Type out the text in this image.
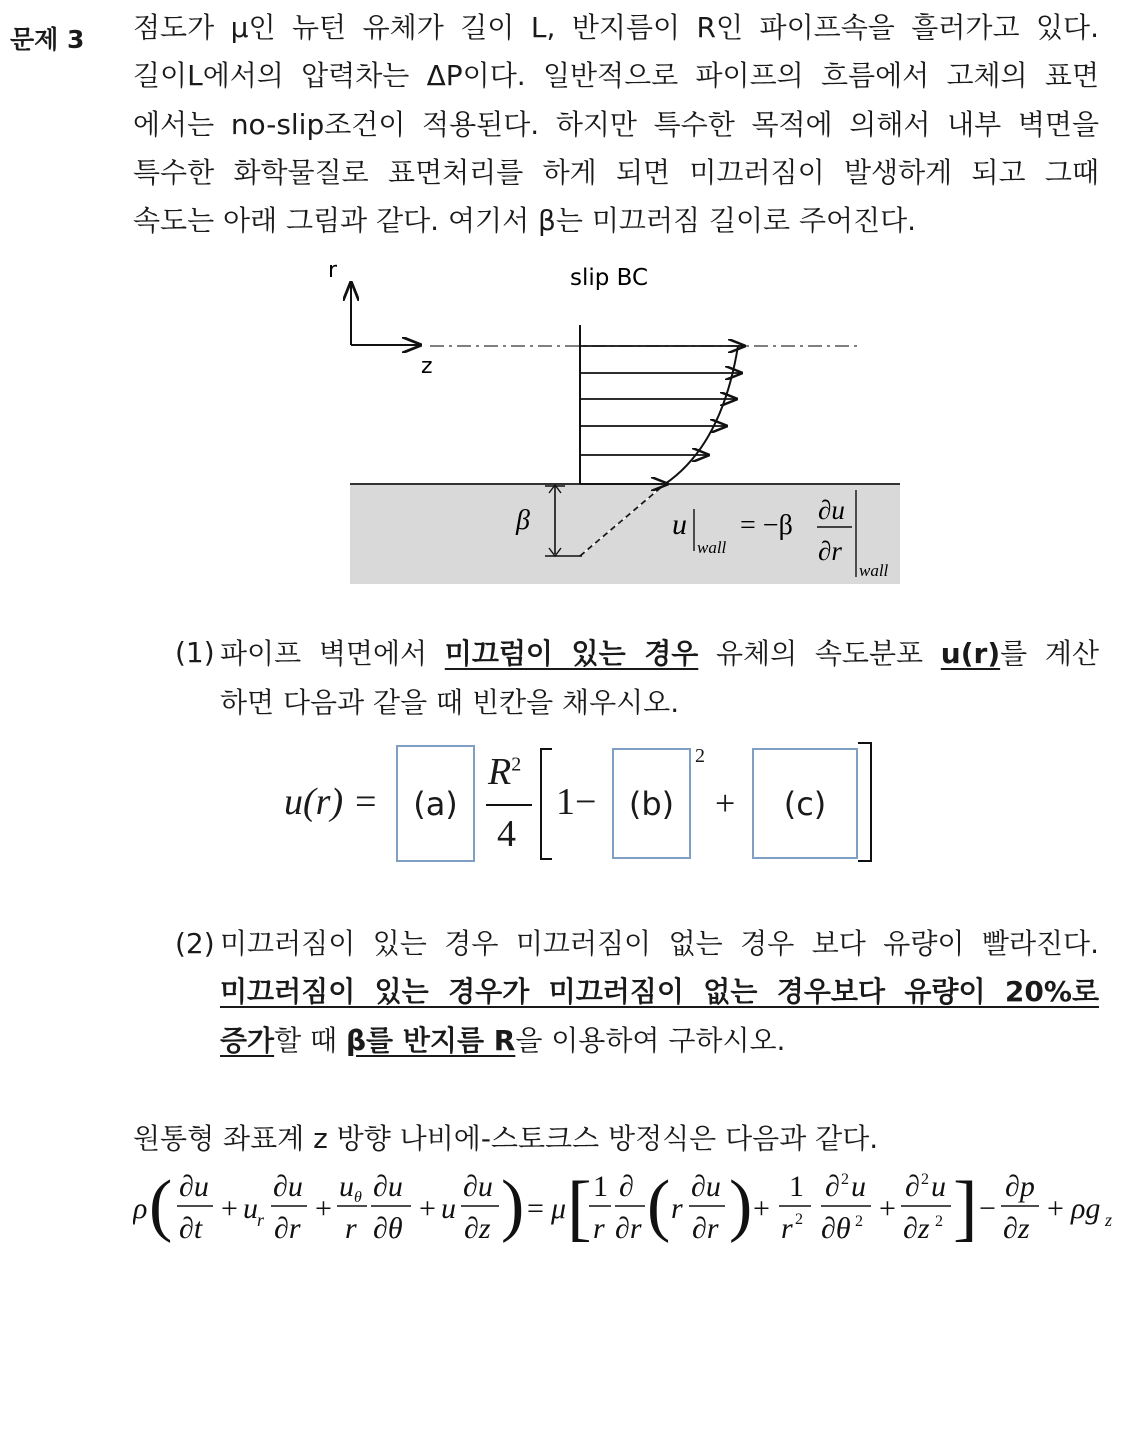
문제 3 점도가 μ인 뉴턴 유체가 길이 L, 반지름이 R인 파이프속을 흘러가고 있다.
길이L에서의 압력차는 ΔP이다. 일반적으로 파이프의 흐름에서 고체의 표면
에서는 no-slip조건이 적용된다. 하지만 특수한 목적에 의해서 내부 벽면을
특수한 화학물질로 표면처리를 하게 되면 미끄러짐이 발생하게 되고 그때
속도는 아래 그림과 같다. 여기서 β는 미끄러짐 길이로 주어진다.
r
z
slip BC
β	u
wall
= −β ∂u
∂r
wall
(1) 파이프 벽면에서 미끄럼이 있는 경우 유체의 속도분포 u(r)를 계산
하면 다음과 같을 때 빈칸을 채우시오.
u(r) =	(a)
$R^2$
4
1−	(b)
2
+	(c)
(2) 미끄러짐이 있는 경우 미끄러짐이 없는 경우 보다 유량이 빨라진다.
미끄러짐이 있는 경우가 미끄러짐이 없는 경우보다 유량이 20%로
증가할 때 β를 반지름 R을 이용하여 구하시오.
원통형 좌표계 z 방향 나비에-스토크스 방정식은 다음과 같다.
ρ ( ∂u
∂t
+ u r
∂u
∂r
+
u θ
r
∂u
∂θ
+ u
∂u
∂z ) = μ [ 1
r
∂
∂r ( r
∂u
∂r ) +
1
r 2
∂ 2 u
∂θ 2 +
∂ 2 u
∂z 2 ] −
∂p
∂z
+ ρg z
